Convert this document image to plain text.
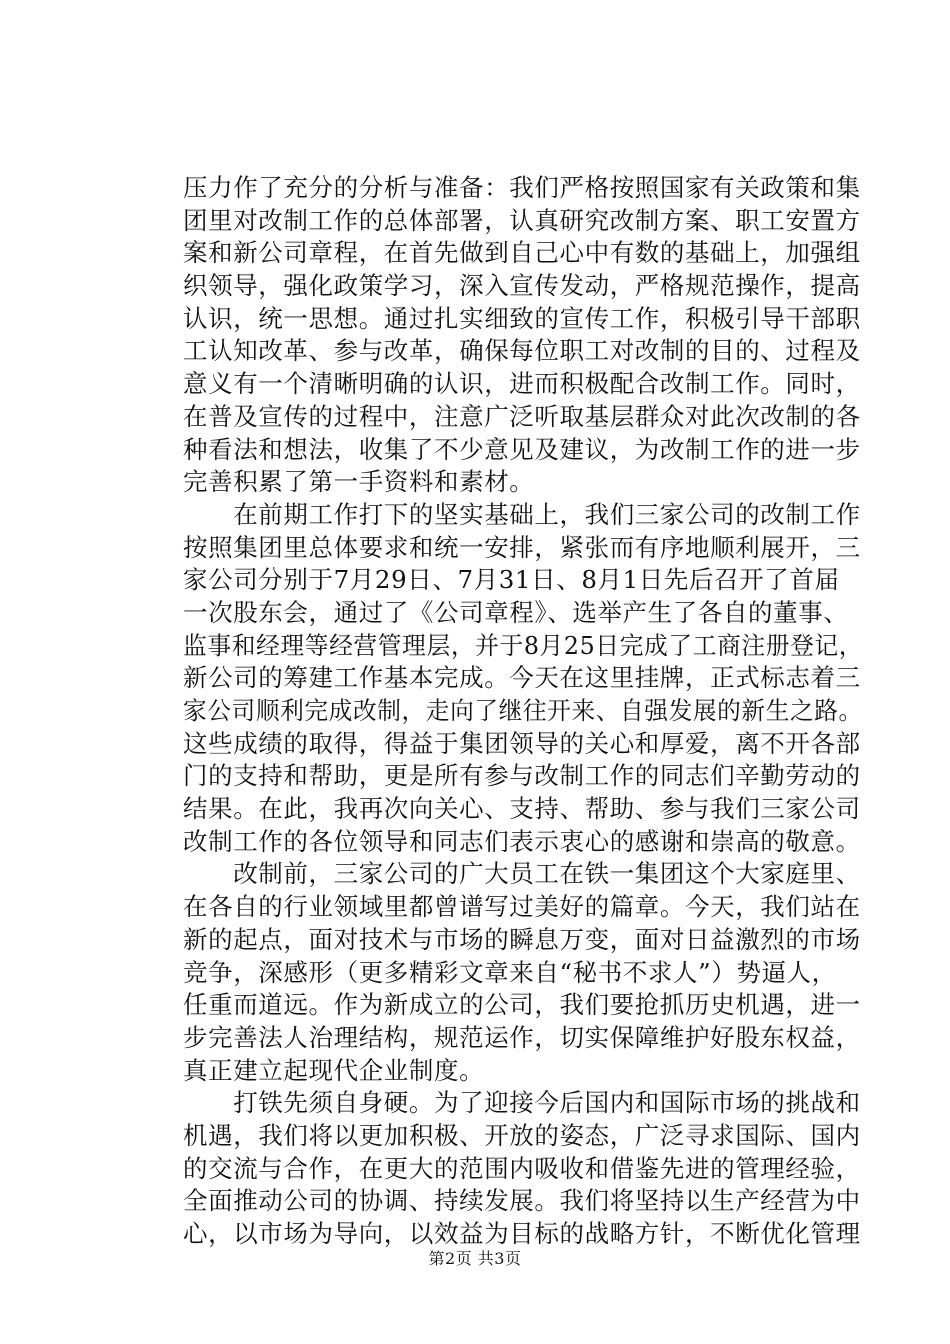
压力作了充分的分析与准备：我们严格按照国家有关政策和集
团里对改制工作的总体部署，认真研究改制方案、职工安置方
案和新公司章程，在首先做到自己心中有数的基础上，加强组
织领导，强化政策学习，深入宣传发动，严格规范操作，提高
认识，统一思想。通过扎实细致的宣传工作，积极引导干部职
工认知改革、参与改革，确保每位职工对改制的目的、过程及
意义有一个清晰明确的认识，进而积极配合改制工作。同时，
在普及宣传的过程中，注意广泛听取基层群众对此次改制的各
种看法和想法，收集了不少意见及建议，为改制工作的进一步
完善积累了第一手资料和素材。
　　在前期工作打下的坚实基础上，我们三家公司的改制工作
按照集团里总体要求和统一安排，紧张而有序地顺利展开，三
家公司分别于7月29日、7月31日、8月1日先后召开了首届
一次股东会，通过了《公司章程》、选举产生了各自的董事、
监事和经理等经营管理层，并于8月25日完成了工商注册登记，
新公司的筹建工作基本完成。今天在这里挂牌，正式标志着三
家公司顺利完成改制，走向了继往开来、自强发展的新生之路。
这些成绩的取得，得益于集团领导的关心和厚爱，离不开各部
门的支持和帮助，更是所有参与改制工作的同志们辛勤劳动的
结果。在此，我再次向关心、支持、帮助、参与我们三家公司
改制工作的各位领导和同志们表示衷心的感谢和崇高的敬意。
　　改制前，三家公司的广大员工在铁一集团这个大家庭里、
在各自的行业领域里都曾谱写过美好的篇章。今天，我们站在
新的起点，面对技术与市场的瞬息万变，面对日益激烈的市场
竞争，深感形（更多精彩文章来自“秘书不求人”）势逼人，
任重而道远。作为新成立的公司，我们要抢抓历史机遇，进一
步完善法人治理结构，规范运作，切实保障维护好股东权益，
真正建立起现代企业制度。
　　打铁先须自身硬。为了迎接今后国内和国际市场的挑战和
机遇，我们将以更加积极、开放的姿态，广泛寻求国际、国内
的交流与合作，在更大的范围内吸收和借鉴先进的管理经验，
全面推动公司的协调、持续发展。我们将坚持以生产经营为中
心，以市场为导向，以效益为目标的战略方针，不断优化管理
第2页 共3页
